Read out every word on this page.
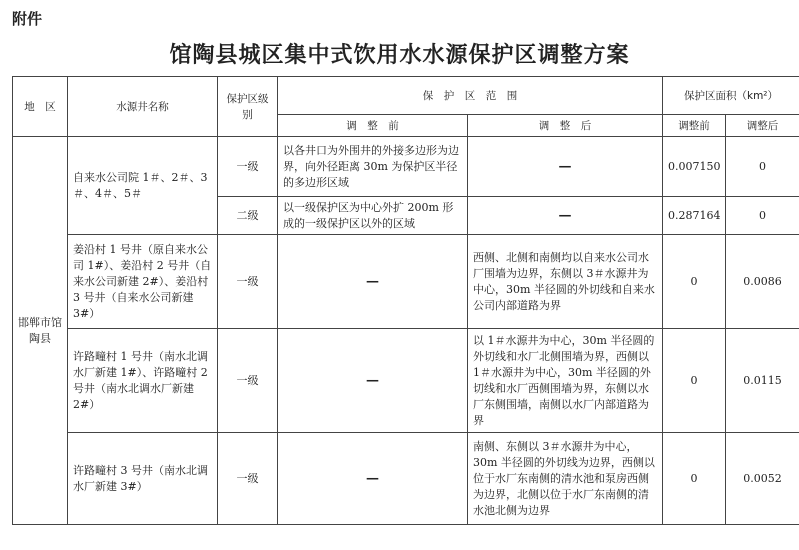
附件
馆陶县城区集中式饮用水水源保护区调整方案
地　区	水源井名称	保护区级别	保　护　区　范　围		保护区面积（km²）	
			调　整　前	调　整　后	调整前	调整后
邯郸市馆陶县	自来水公司院 1＃、2＃、3＃、4＃、5＃	一级	以各井口为外围井的外接多边形为边界，向外径距离 30m 为保护区半径的多边形区域	—	0.007150	0
		二级	以一级保护区为中心外扩 200m 形成的一级保护区以外的区域	—	0.287164	0
	姜沿村 1 号井（原自来水公司 1#）、姜沿村 2 号井（自来水公司新建 2#）、姜沿村 3 号井（自来水公司新建 3#）	一级	—	西侧、北侧和南侧均以自来水公司水厂围墙为边界，东侧以 3＃水源井为中心，30m 半径圆的外切线和自来水公司内部道路为界	0	0.0086
	许路疃村 1 号井（南水北调水厂新建 1#）、许路疃村 2 号井（南水北调水厂新建 2#）	一级	—	以 1＃水源井为中心，30m 半径圆的外切线和水厂北侧围墙为界，西侧以 1＃水源井为中心，30m 半径圆的外切线和水厂西侧围墙为界，东侧以水厂东侧围墙，南侧以水厂内部道路为界	0	0.0115
	许路疃村 3 号井（南水北调水厂新建 3#）	一级	—	南侧、东侧以 3＃水源井为中心，30m 半径圆的外切线为边界，西侧以位于水厂东南侧的清水池和泵房西侧为边界，北侧以位于水厂东南侧的清水池北侧为边界	0	0.0052
